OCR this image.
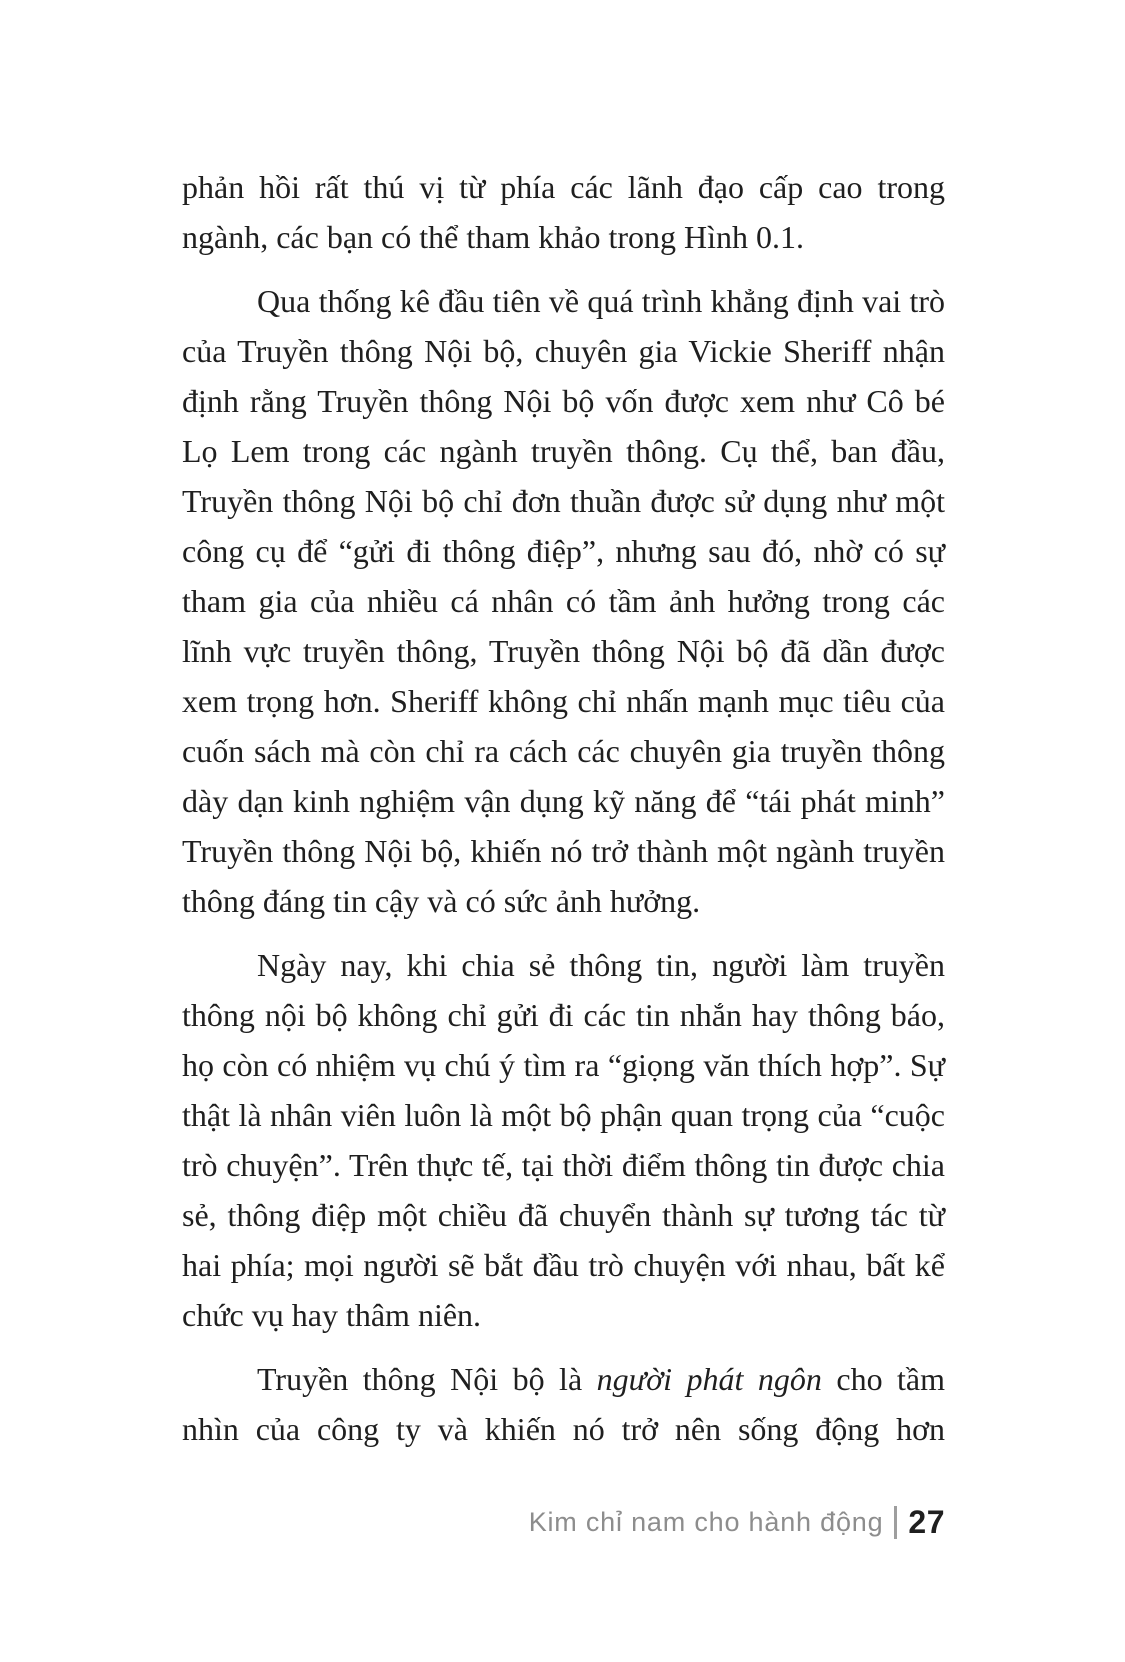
phản hồi rất thú vị từ phía các lãnh đạo cấp cao trong
ngành, các bạn có thể tham khảo trong Hình 0.1.
Qua thống kê đầu tiên về quá trình khẳng định vai trò
của Truyền thông Nội bộ, chuyên gia Vickie Sheriff nhận
định rằng Truyền thông Nội bộ vốn được xem như Cô bé
Lọ Lem trong các ngành truyền thông. Cụ thể, ban đầu,
Truyền thông Nội bộ chỉ đơn thuần được sử dụng như một
công cụ để “gửi đi thông điệp”, nhưng sau đó, nhờ có sự
tham gia của nhiều cá nhân có tầm ảnh hưởng trong các
lĩnh vực truyền thông, Truyền thông Nội bộ đã dần được
xem trọng hơn. Sheriff không chỉ nhấn mạnh mục tiêu của
cuốn sách mà còn chỉ ra cách các chuyên gia truyền thông
dày dạn kinh nghiệm vận dụng kỹ năng để “tái phát minh”
Truyền thông Nội bộ, khiến nó trở thành một ngành truyền
thông đáng tin cậy và có sức ảnh hưởng.
Ngày nay, khi chia sẻ thông tin, người làm truyền
thông nội bộ không chỉ gửi đi các tin nhắn hay thông báo,
họ còn có nhiệm vụ chú ý tìm ra “giọng văn thích hợp”. Sự
thật là nhân viên luôn là một bộ phận quan trọng của “cuộc
trò chuyện”. Trên thực tế, tại thời điểm thông tin được chia
sẻ, thông điệp một chiều đã chuyển thành sự tương tác từ
hai phía; mọi người sẽ bắt đầu trò chuyện với nhau, bất kể
chức vụ hay thâm niên.
Truyền thông Nội bộ là người phát ngôn cho tầm
nhìn của công ty và khiến nó trở nên sống động hơn
Kim chỉ nam cho hành động 27
